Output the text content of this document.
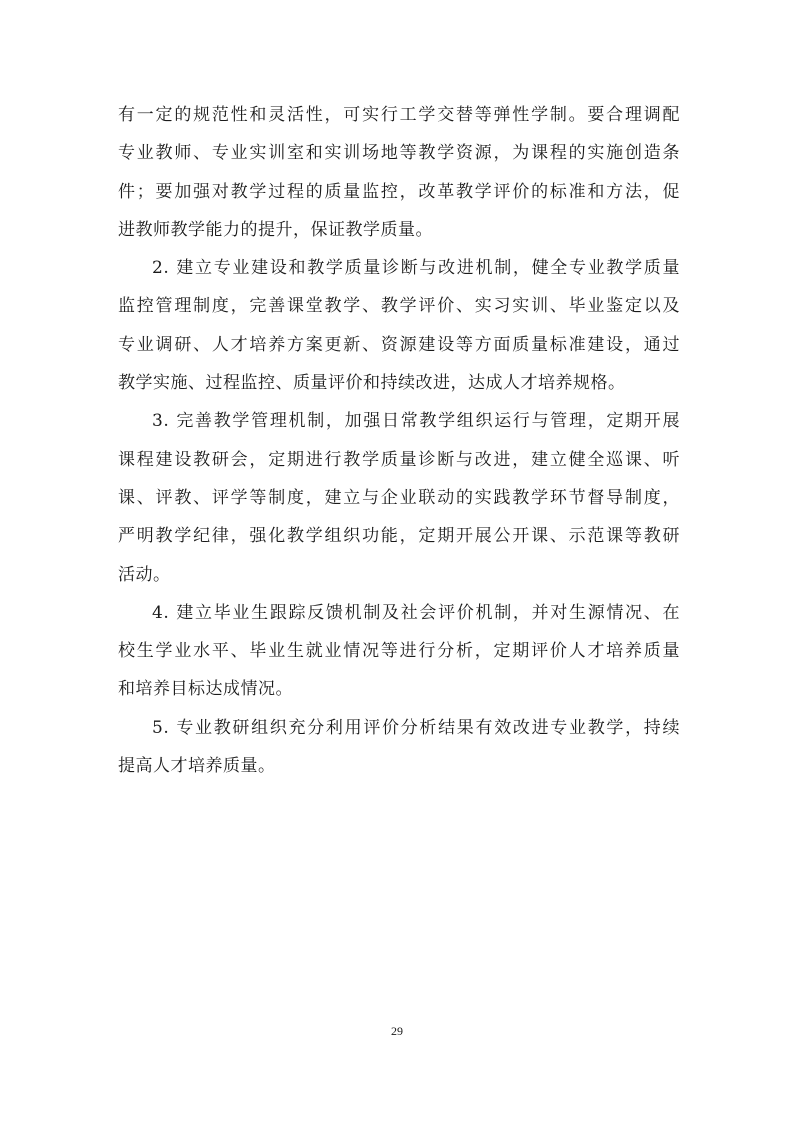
有一定的规范性和灵活性，可实行工学交替等弹性学制。要合理调配
专业教师、专业实训室和实训场地等教学资源，为课程的实施创造条
件；要加强对教学过程的质量监控，改革教学评价的标准和方法，促
进教师教学能力的提升，保证教学质量。
2. 建立专业建设和教学质量诊断与改进机制，健全专业教学质量
监控管理制度，完善课堂教学、教学评价、实习实训、毕业鉴定以及
专业调研、人才培养方案更新、资源建设等方面质量标准建设，通过
教学实施、过程监控、质量评价和持续改进，达成人才培养规格。
3. 完善教学管理机制，加强日常教学组织运行与管理，定期开展
课程建设教研会，定期进行教学质量诊断与改进，建立健全巡课、听
课、评教、评学等制度，建立与企业联动的实践教学环节督导制度，
严明教学纪律，强化教学组织功能，定期开展公开课、示范课等教研
活动。
4. 建立毕业生跟踪反馈机制及社会评价机制，并对生源情况、在
校生学业水平、毕业生就业情况等进行分析，定期评价人才培养质量
和培养目标达成情况。
5. 专业教研组织充分利用评价分析结果有效改进专业教学，持续
提高人才培养质量。
29
